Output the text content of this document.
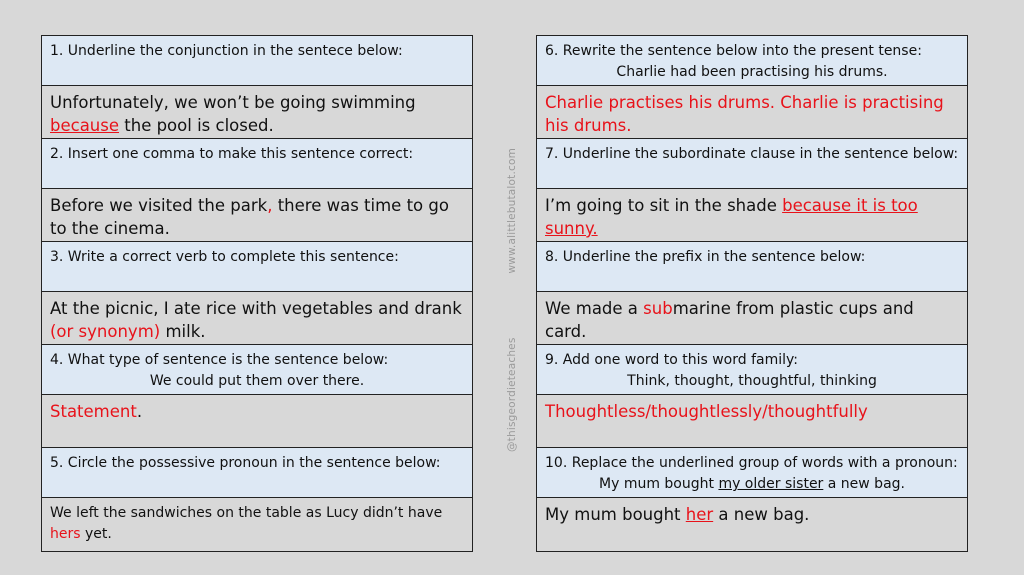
1. Underline the conjunction in the sentece below:
Unfortunately, we won’t be going swimming because the pool is closed.
2. Insert one comma to make this sentence correct:
Before we visited the park, there was time to go to the cinema.
3. Write a correct verb to complete this sentence:
At the picnic, I ate rice with vegetables and drank (or synonym) milk.
4. What type of sentence is the sentence below:
We could put them over there.
Statement.
5. Circle the possessive pronoun in the sentence below:
We left the sandwiches on the table as Lucy didn’t have hers yet.
@thisgeordieteacheswww.alittlebutalot.com
6. Rewrite the sentence below into the present tense:
Charlie had been practising his drums.
Charlie practises his drums. Charlie is practising his drums.
7. Underline the subordinate clause in the sentence below:
I’m going to sit in the shade because it is too sunny.
8. Underline the prefix in the sentence below:
We made a submarine from plastic cups and card.
9. Add one word to this word family:
Think, thought, thoughtful, thinking
Thoughtless/thoughtlessly/thoughtfully
10. Replace the underlined group of words with a pronoun:
My mum bought my older sister a new bag.
My mum bought her a new bag.
